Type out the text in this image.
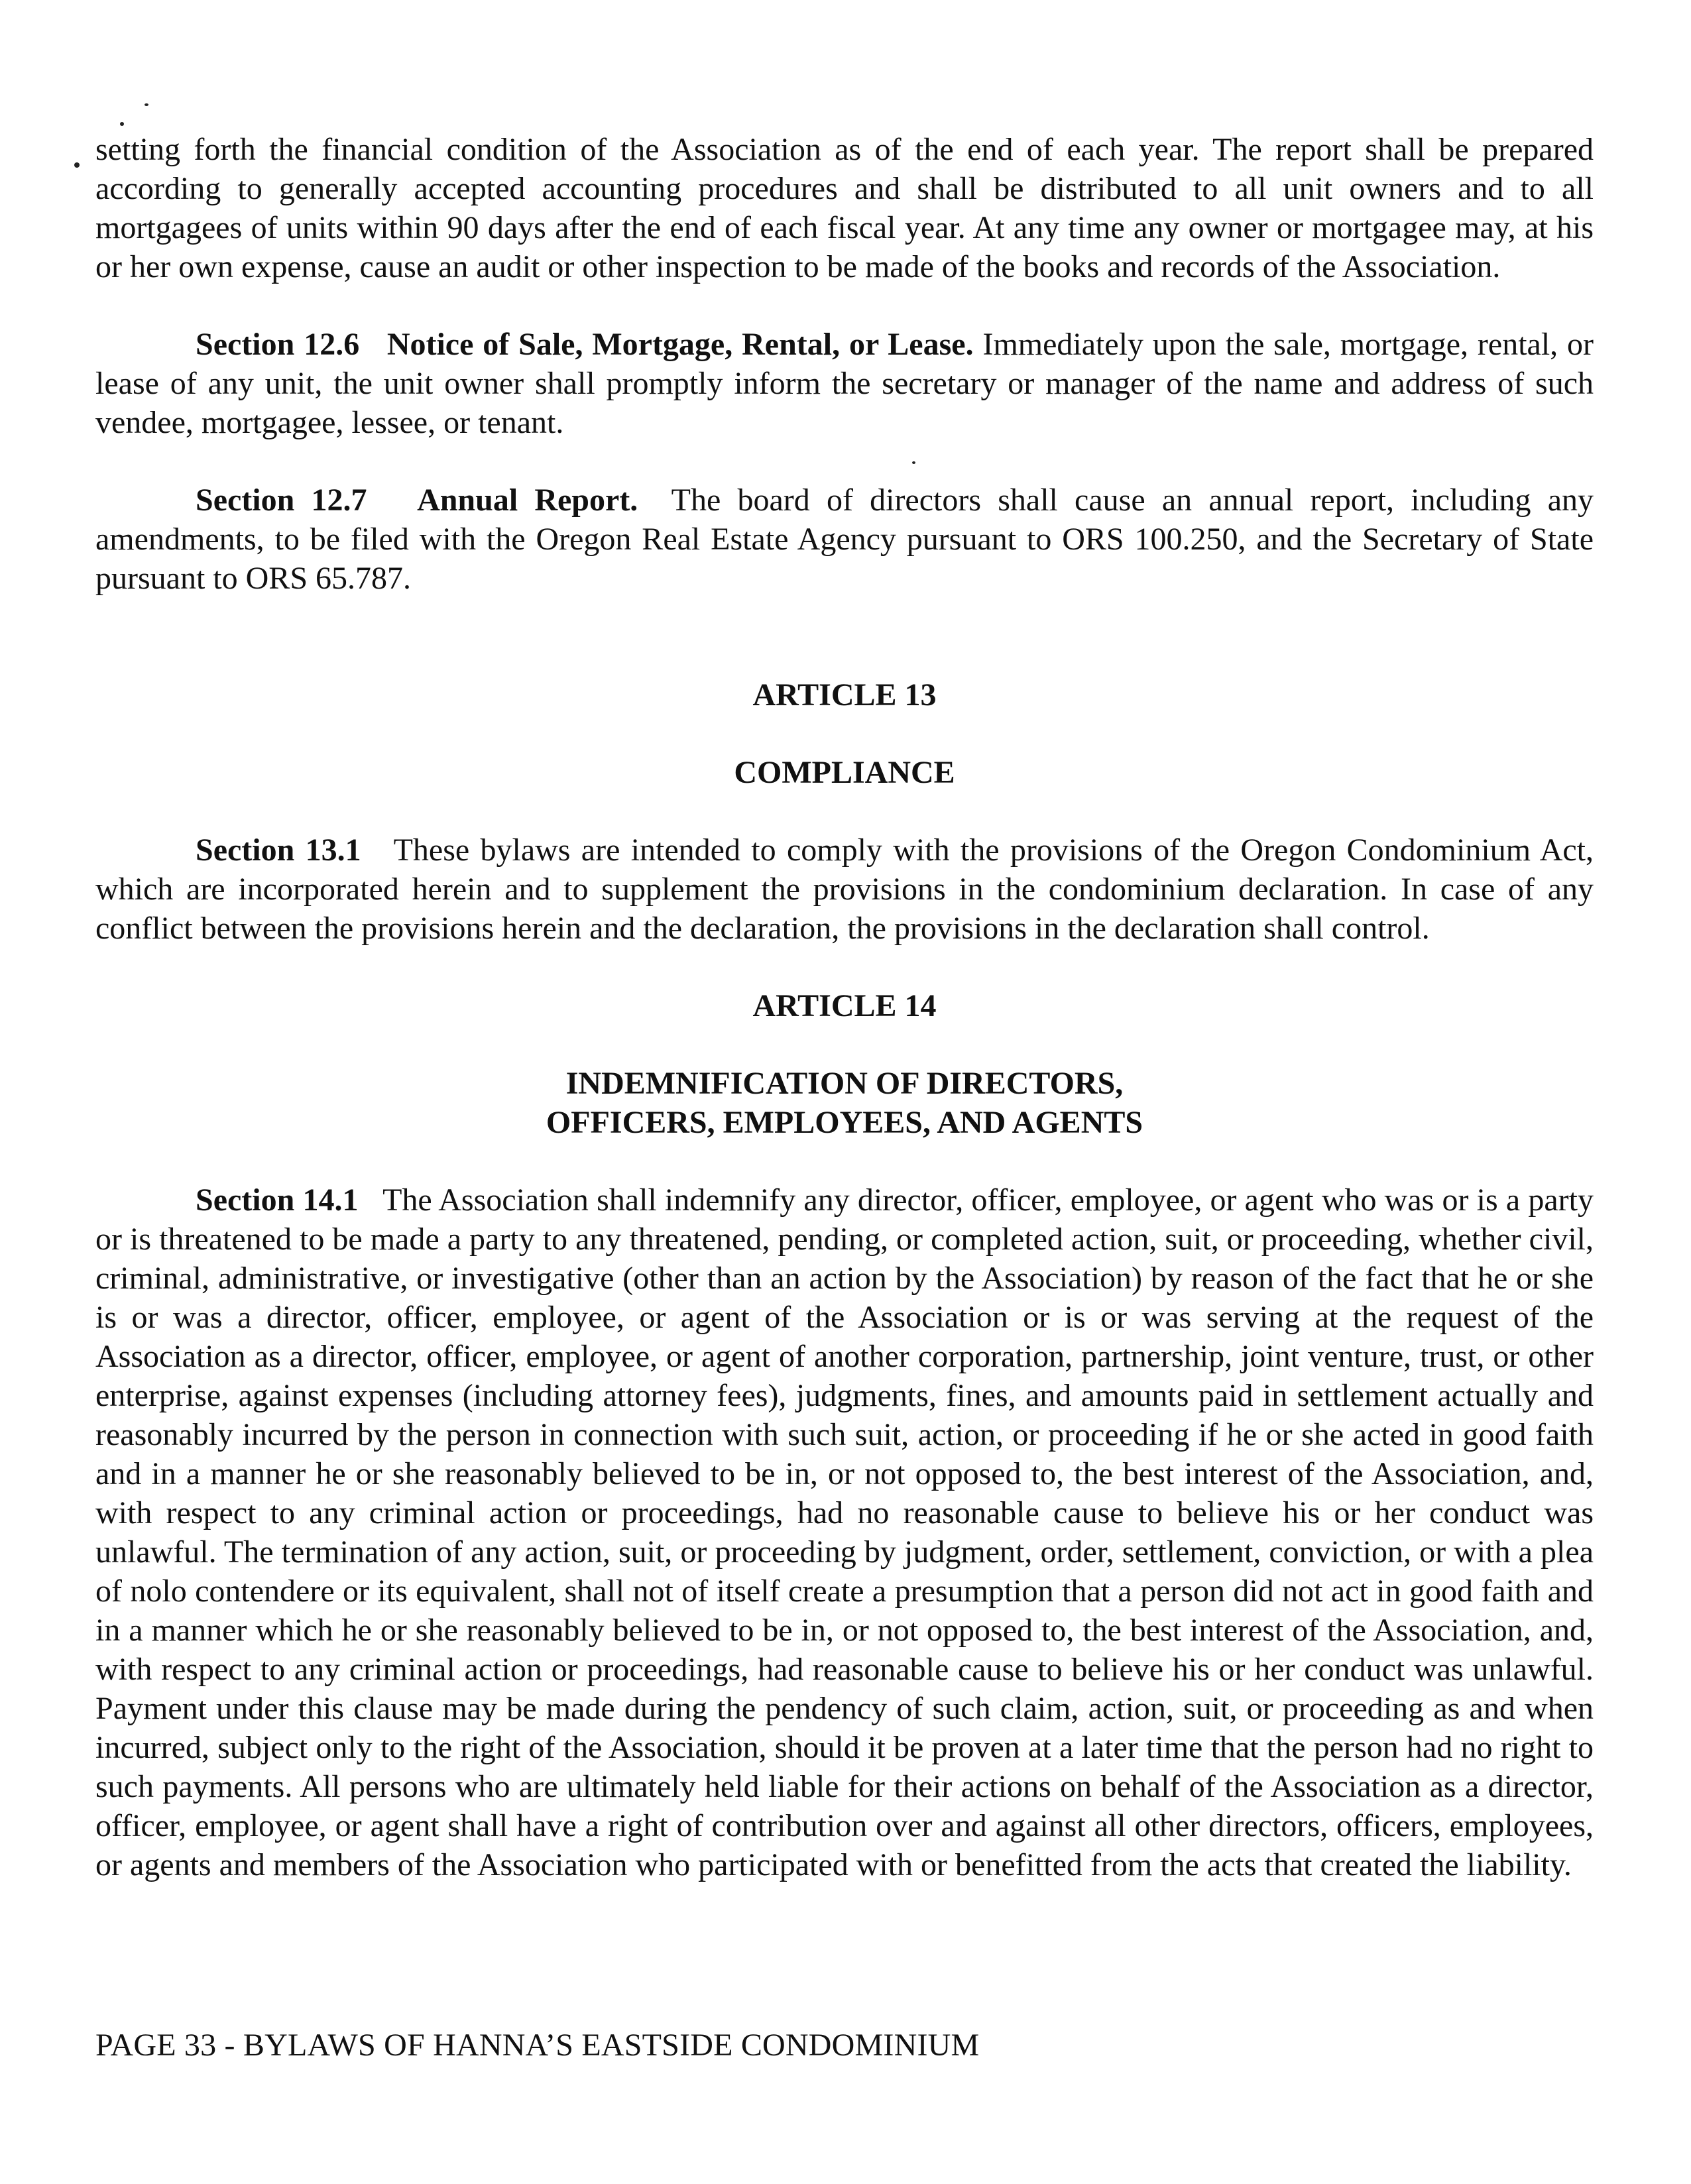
setting forth the financial condition of the Association as of the end of each year. The report shall be prepared according to generally accepted accounting procedures and shall be distributed to all unit owners and to all mortgagees of units within 90 days after the end of each fiscal year. At any time any owner or mortgagee may, at his or her own expense, cause an audit or other inspection to be made of the books and records of the Association.

Section 12.6 Notice of Sale, Mortgage, Rental, or Lease. Immediately upon the sale, mortgage, rental, or lease of any unit, the unit owner shall promptly inform the secretary or manager of the name and address of such vendee, mortgagee, lessee, or tenant.

Section 12.7 Annual Report. The board of directors shall cause an annual report, including any amendments, to be filed with the Oregon Real Estate Agency pursuant to ORS 100.250, and the Secretary of State pursuant to ORS 65.787.

ARTICLE 13

COMPLIANCE

Section 13.1 These bylaws are intended to comply with the provisions of the Oregon Condominium Act, which are incorporated herein and to supplement the provisions in the condominium declaration. In case of any conflict between the provisions herein and the declaration, the provisions in the declaration shall control.

ARTICLE 14

INDEMNIFICATION OF DIRECTORS,

OFFICERS, EMPLOYEES, AND AGENTS

Section 14.1 The Association shall indemnify any director, officer, employee, or agent who was or is a party or is threatened to be made a party to any threatened, pending, or completed action, suit, or proceeding, whether civil, criminal, administrative, or investigative (other than an action by the Association) by reason of the fact that he or she is or was a director, officer, employee, or agent of the Association or is or was serving at the request of the Association as a director, officer, employee, or agent of another corporation, partnership, joint venture, trust, or other enterprise, against expenses (including attorney fees), judgments, fines, and amounts paid in settlement actually and reasonably incurred by the person in connection with such suit, action, or proceeding if he or she acted in good faith and in a manner he or she reasonably believed to be in, or not opposed to, the best interest of the Association, and, with respect to any criminal action or proceedings, had no reasonable cause to believe his or her conduct was unlawful. The termination of any action, suit, or proceeding by judgment, order, settlement, conviction, or with a plea of nolo contendere or its equivalent, shall not of itself create a presumption that a person did not act in good faith and in a manner which he or she reasonably believed to be in, or not opposed to, the best interest of the Association, and, with respect to any criminal action or proceedings, had reasonable cause to believe his or her conduct was unlawful. Payment under this clause may be made during the pendency of such claim, action, suit, or proceeding as and when incurred, subject only to the right of the Association, should it be proven at a later time that the person had no right to such payments. All persons who are ultimately held liable for their actions on behalf of the Association as a director, officer, employee, or agent shall have a right of contribution over and against all other directors, officers, employees, or agents and members of the Association who participated with or benefitted from the acts that created the liability.

PAGE 33 - BYLAWS OF HANNA’S EASTSIDE CONDOMINIUM
